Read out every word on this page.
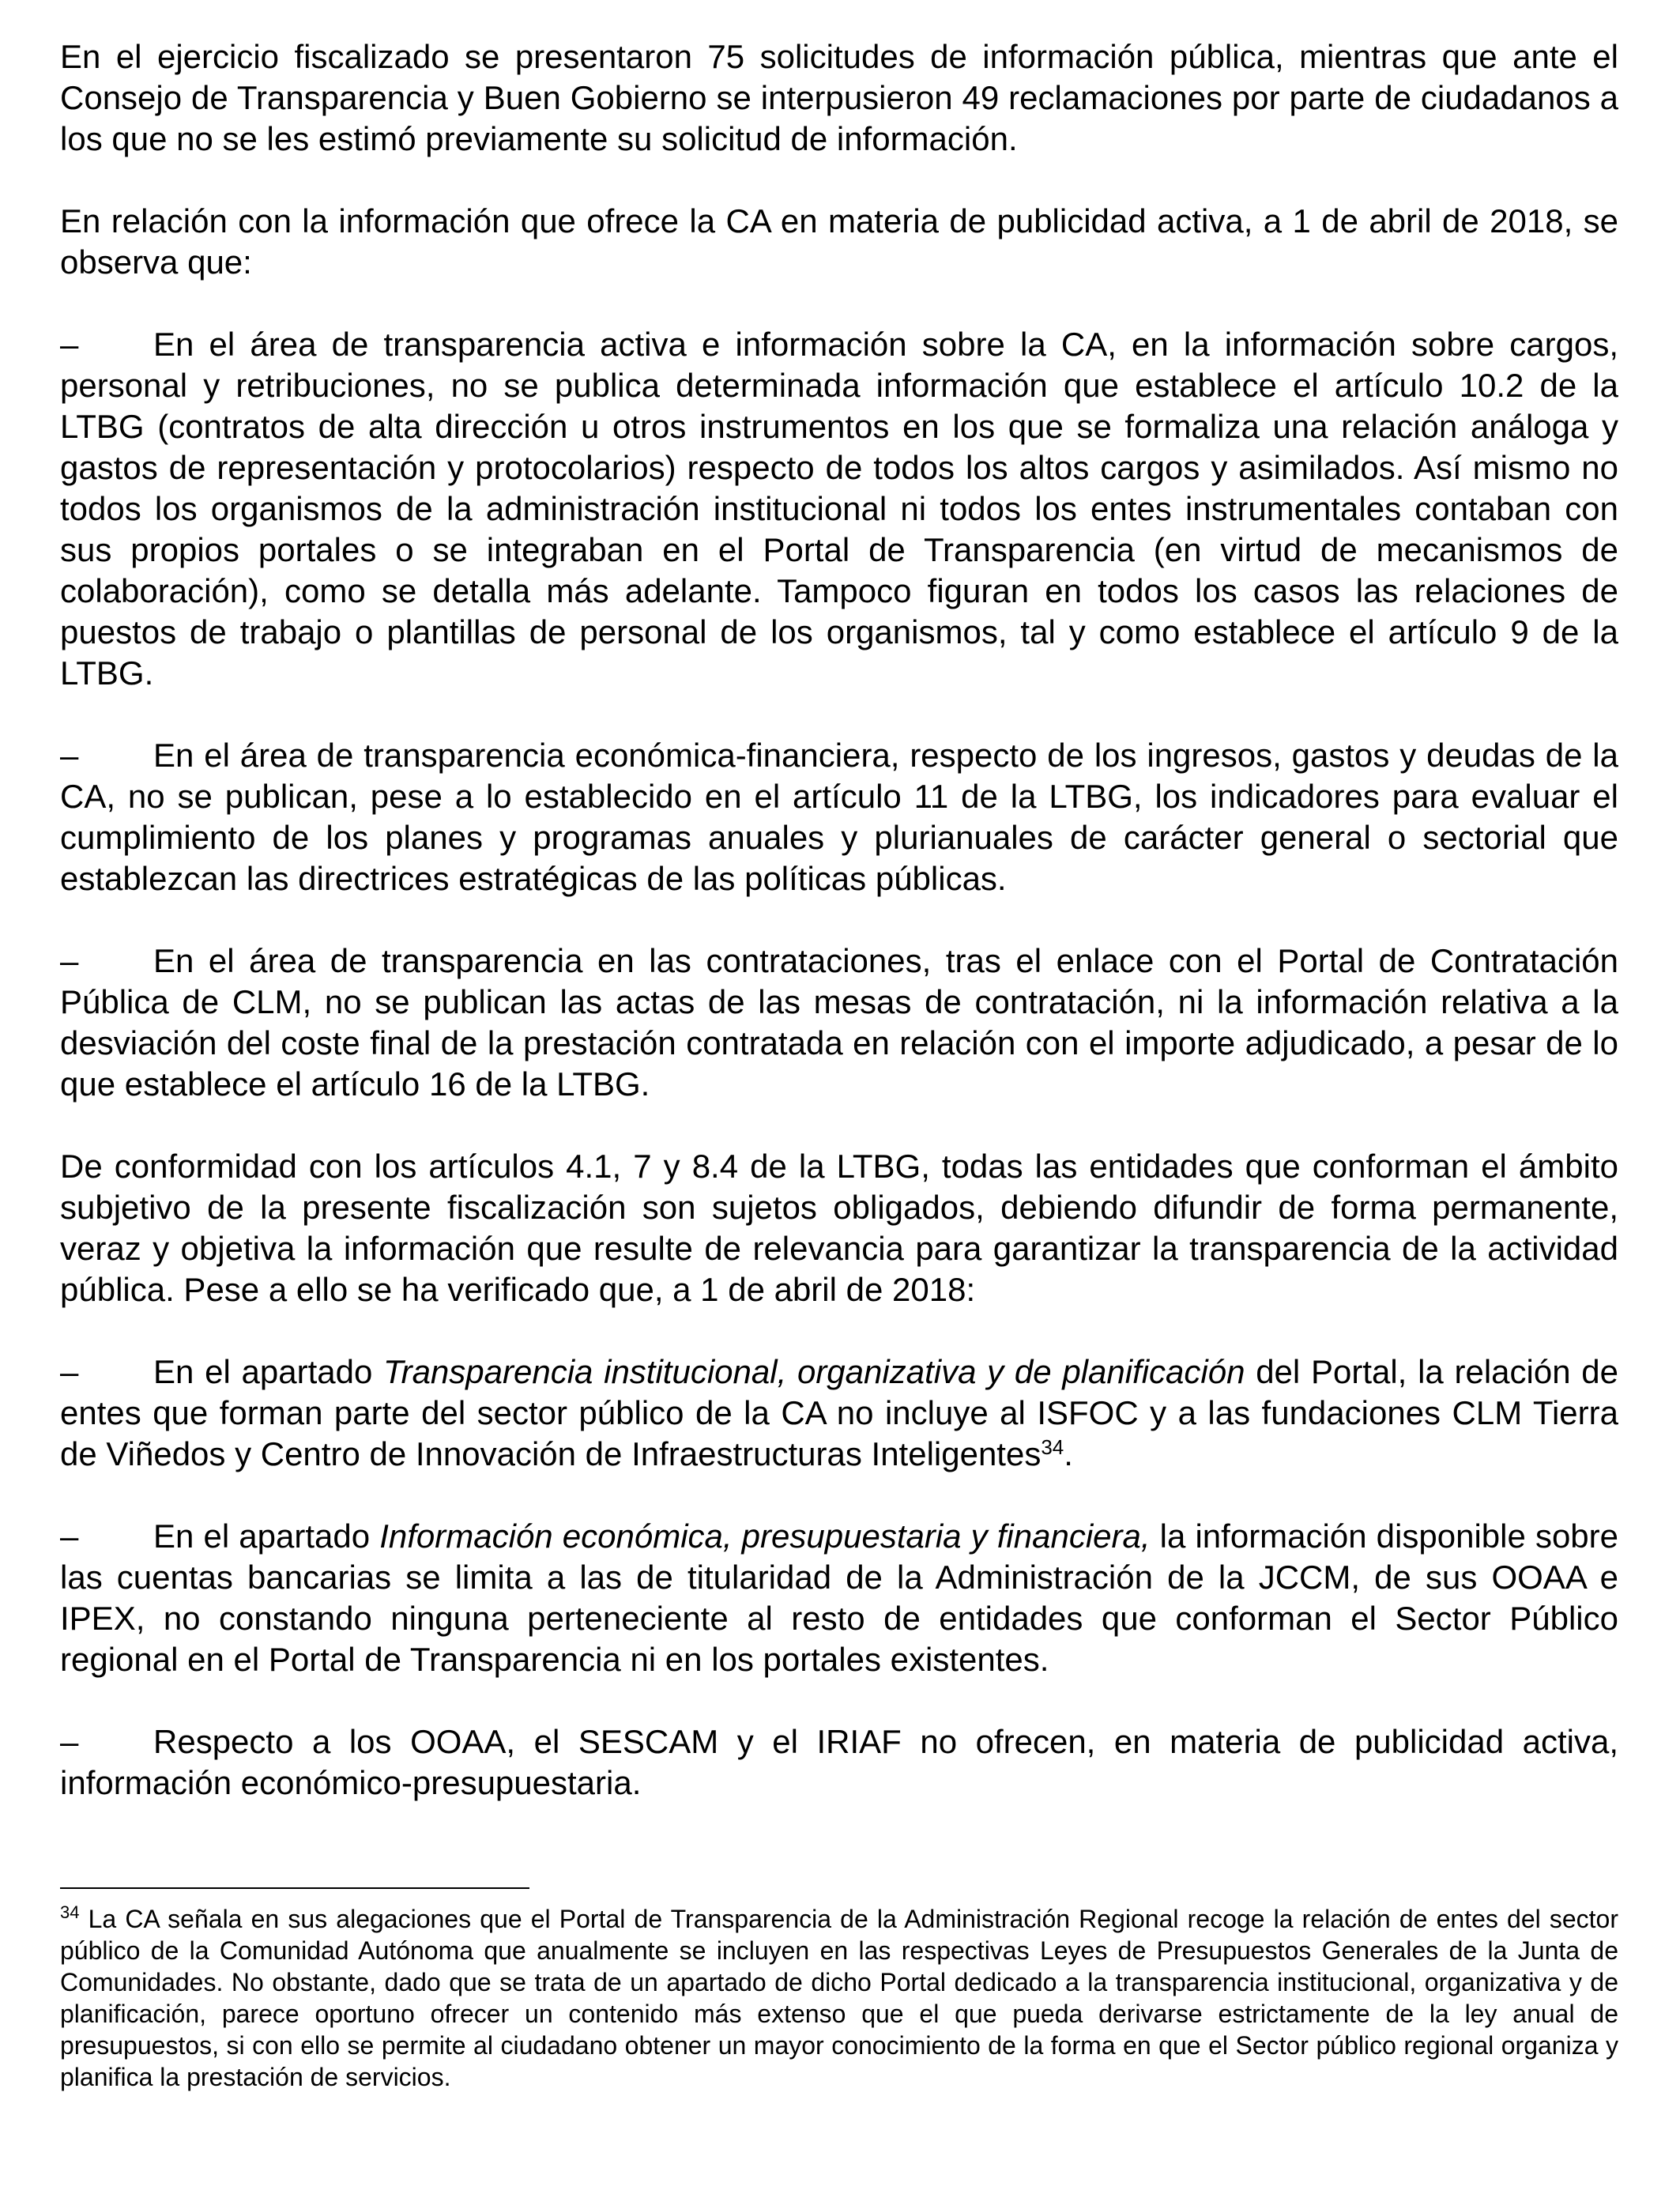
En el ejercicio fiscalizado se presentaron 75 solicitudes de información pública, mientras que ante el Consejo de Transparencia y Buen Gobierno se interpusieron 49 reclamaciones por parte de ciudadanos a los que no se les estimó previamente su solicitud de información.

En relación con la información que ofrece la CA en materia de publicidad activa, a 1 de abril de 2018, se observa que:

– En el área de transparencia activa e información sobre la CA, en la información sobre cargos, personal y retribuciones, no se publica determinada información que establece el artículo 10.2 de la LTBG (contratos de alta dirección u otros instrumentos en los que se formaliza una relación análoga y gastos de representación y protocolarios) respecto de todos los altos cargos y asimilados. Así mismo no todos los organismos de la administración institucional ni todos los entes instrumentales contaban con sus propios portales o se integraban en el Portal de Transparencia (en virtud de mecanismos de colaboración), como se detalla más adelante. Tampoco figuran en todos los casos las relaciones de puestos de trabajo o plantillas de personal de los organismos, tal y como establece el artículo 9 de la LTBG.

– En el área de transparencia económica-financiera, respecto de los ingresos, gastos y deudas de la CA, no se publican, pese a lo establecido en el artículo 11 de la LTBG, los indicadores para evaluar el cumplimiento de los planes y programas anuales y plurianuales de carácter general o sectorial que establezcan las directrices estratégicas de las políticas públicas.

– En el área de transparencia en las contrataciones, tras el enlace con el Portal de Contratación Pública de CLM, no se publican las actas de las mesas de contratación, ni la información relativa a la desviación del coste final de la prestación contratada en relación con el importe adjudicado, a pesar de lo que establece el artículo 16 de la LTBG.

De conformidad con los artículos 4.1, 7 y 8.4 de la LTBG, todas las entidades que conforman el ámbito subjetivo de la presente fiscalización son sujetos obligados, debiendo difundir de forma permanente, veraz y objetiva la información que resulte de relevancia para garantizar la transparencia de la actividad pública. Pese a ello se ha verificado que, a 1 de abril de 2018:

– En el apartado Transparencia institucional, organizativa y de planificación del Portal, la relación de entes que forman parte del sector público de la CA no incluye al ISFOC y a las fundaciones CLM Tierra de Viñedos y Centro de Innovación de Infraestructuras Inteligentes$^{34}$.

– En el apartado Información económica, presupuestaria y financiera, la información disponible sobre las cuentas bancarias se limita a las de titularidad de la Administración de la JCCM, de sus OOAA e IPEX, no constando ninguna perteneciente al resto de entidades que conforman el Sector Público regional en el Portal de Transparencia ni en los portales existentes.

– Respecto a los OOAA, el SESCAM y el IRIAF no ofrecen, en materia de publicidad activa, información económico-presupuestaria.

$^{34}$ La CA señala en sus alegaciones que el Portal de Transparencia de la Administración Regional recoge la relación de entes del sector público de la Comunidad Autónoma que anualmente se incluyen en las respectivas Leyes de Presupuestos Generales de la Junta de Comunidades. No obstante, dado que se trata de un apartado de dicho Portal dedicado a la transparencia institucional, organizativa y de planificación, parece oportuno ofrecer un contenido más extenso que el que pueda derivarse estrictamente de la ley anual de presupuestos, si con ello se permite al ciudadano obtener un mayor conocimiento de la forma en que el Sector público regional organiza y planifica la prestación de servicios.
